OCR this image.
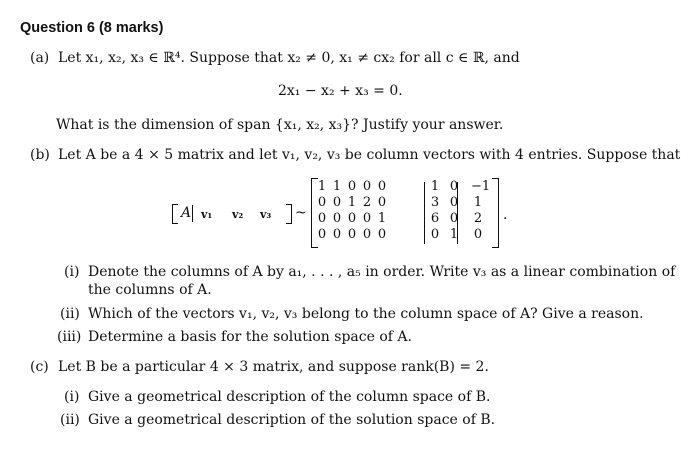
Question 6 (8 marks)
(a) Let x₁, x₂, x₃ ∈ ℝ⁴. Suppose that x₂ ≠ 0, x₁ ≠ cx₂ for all c ∈ ℝ, and
2x₁ − x₂ + x₃ = 0.
What is the dimension of span {x₁, x₂, x₃}? Justify your answer.
(b) Let A be a 4 × 5 matrix and let v₁, v₂, v₃ be column vectors with 4 entries. Suppose that
A v₁ v₂ v₃ ~
1 1 0 0 0	1 0 −1
0 0 1 2 0	3 0 1
0 0 0 0 1	6 0 2
0 0 0 0 0	0 1 0
.
(i) Denote the columns of A by a₁, . . . , a₅ in order. Write v₃ as a linear combination of
the columns of A.
(ii) Which of the vectors v₁, v₂, v₃ belong to the column space of A? Give a reason.
(iii) Determine a basis for the solution space of A.
(c) Let B be a particular 4 × 3 matrix, and suppose rank(B) = 2.
(i) Give a geometrical description of the column space of B.
(ii) Give a geometrical description of the solution space of B.
